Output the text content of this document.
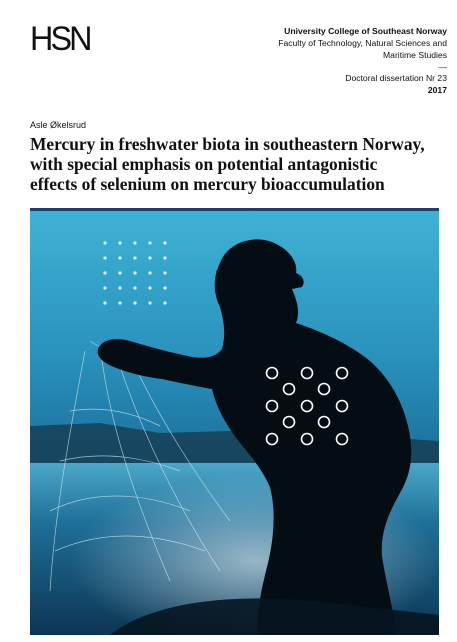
HSN	University College of Southeast Norway
Faculty of Technology, Natural Sciences and
Maritime Studies
—
Doctoral dissertation Nr 23
2017
Asle Økelsrud
Mercury in freshwater biota in southeastern Norway,
with special emphasis on potential antagonistic
effects of selenium on mercury bioaccumulation
